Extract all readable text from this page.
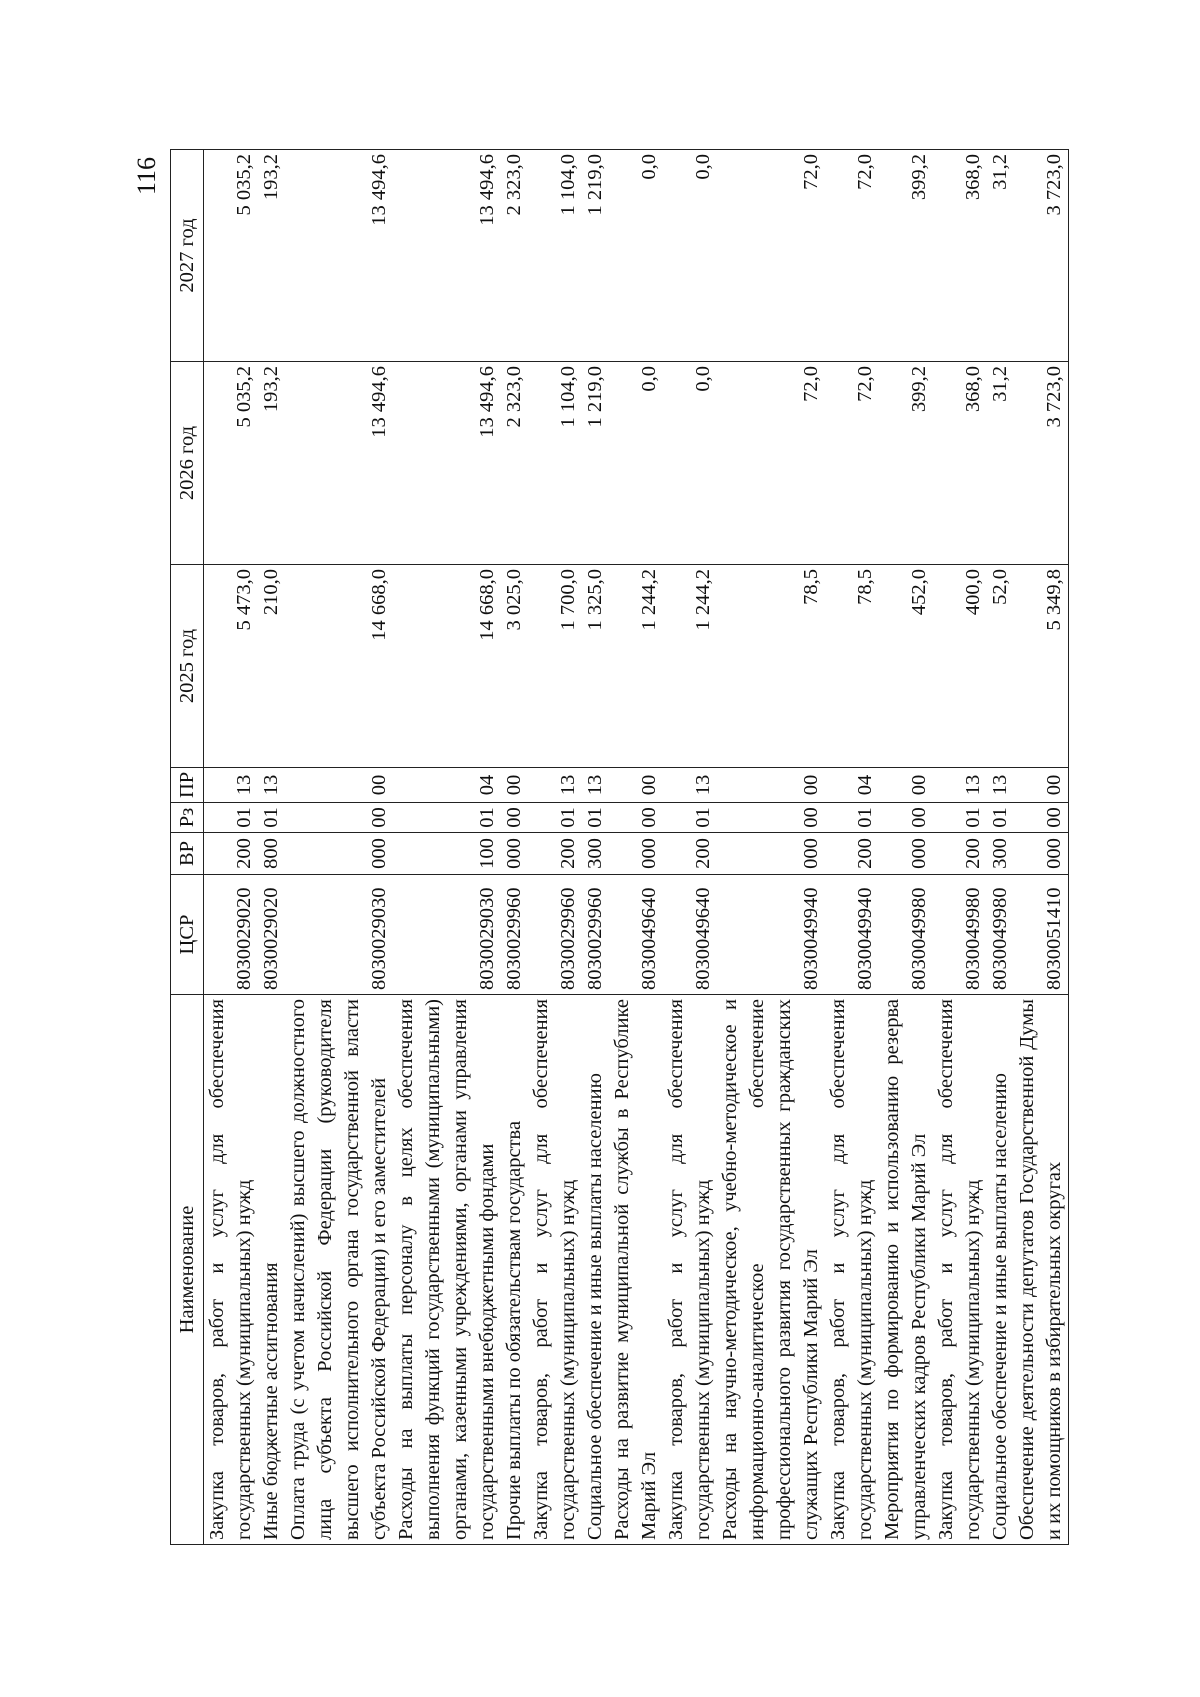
116
Наименование	ЦСР	ВР	Рз	ПР	2025 год	2026 год	2027 год
Закупка товаров, работ и услуг для обеспечения государственных (муниципальных) нужд	8030029020	200	01	13	5 473,0	5 035,2	5 035,2
Иные бюджетные ассигнования	8030029020	800	01	13	210,0	193,2	193,2
Оплата труда (с учетом начислений) высшего должностного лица субъекта Российской Федерации (руководителя высшего исполнительного органа государственной власти субъекта Российской Федерации) и его заместителей	8030029030	000	00	00	14 668,0	13 494,6	13 494,6
Расходы на выплаты персоналу в целях обеспечения выполнения функций государственными (муниципальными) органами, казенными учреждениями, органами управления государственными внебюджетными фондами	8030029030	100	01	04	14 668,0	13 494,6	13 494,6
Прочие выплаты по обязательствам государства	8030029960	000	00	00	3 025,0	2 323,0	2 323,0
Закупка товаров, работ и услуг для обеспечения государственных (муниципальных) нужд	8030029960	200	01	13	1 700,0	1 104,0	1 104,0
Социальное обеспечение и иные выплаты населению	8030029960	300	01	13	1 325,0	1 219,0	1 219,0
Расходы на развитие муниципальной службы в Республике Марий Эл	8030049640	000	00	00	1 244,2	0,0	0,0
Закупка товаров, работ и услуг для обеспечения государственных (муниципальных) нужд	8030049640	200	01	13	1 244,2	0,0	0,0
Расходы на научно-методическое, учебно-методическое и информационно-аналитическое обеспечение профессионального развития государственных гражданских служащих Республики Марий Эл	8030049940	000	00	00	78,5	72,0	72,0
Закупка товаров, работ и услуг для обеспечения государственных (муниципальных) нужд	8030049940	200	01	04	78,5	72,0	72,0
Мероприятия по формированию и использованию резерва управленческих кадров Республики Марий Эл	8030049980	000	00	00	452,0	399,2	399,2
Закупка товаров, работ и услуг для обеспечения государственных (муниципальных) нужд	8030049980	200	01	13	400,0	368,0	368,0
Социальное обеспечение и иные выплаты населению	8030049980	300	01	13	52,0	31,2	31,2
Обеспечение деятельности депутатов Государственной Думы и их помощников в избирательных округах	8030051410	000	00	00	5 349,8	3 723,0	3 723,0
